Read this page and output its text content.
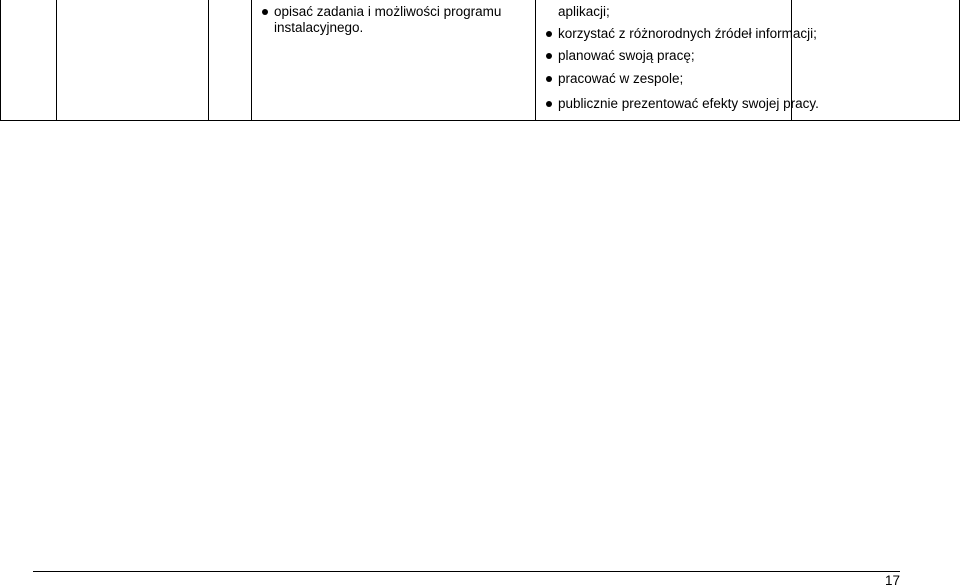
opisać zadania i możliwości programu
instalacyjnego.
aplikacji;
korzystać z różnorodnych źródeł informacji;
planować swoją pracę;
pracować w zespole;
publicznie prezentować efekty swojej pracy.
17
